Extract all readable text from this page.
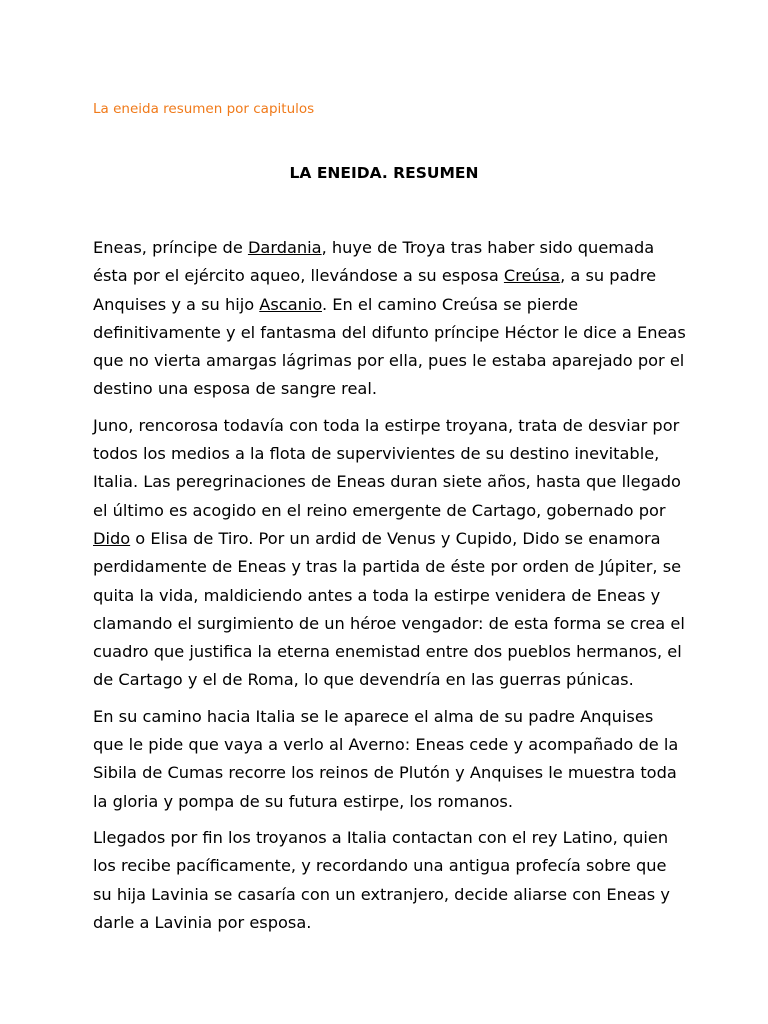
La eneida resumen por capitulos
LA ENEIDA. RESUMEN

Eneas, príncipe de Dardania, huye de Troya tras haber sido quemada
ésta por el ejército aqueo, llevándose a su esposa Creúsa, a su padre
Anquises y a su hijo Ascanio. En el camino Creúsa se pierde
definitivamente y el fantasma del difunto príncipe Héctor le dice a Eneas
que no vierta amargas lágrimas por ella, pues le estaba aparejado por el
destino una esposa de sangre real.

Juno, rencorosa todavía con toda la estirpe troyana, trata de desviar por
todos los medios a la flota de supervivientes de su destino inevitable,
Italia. Las peregrinaciones de Eneas duran siete años, hasta que llegado
el último es acogido en el reino emergente de Cartago, gobernado por
Dido o Elisa de Tiro. Por un ardid de Venus y Cupido, Dido se enamora
perdidamente de Eneas y tras la partida de éste por orden de Júpiter, se
quita la vida, maldiciendo antes a toda la estirpe venidera de Eneas y
clamando el surgimiento de un héroe vengador: de esta forma se crea el
cuadro que justifica la eterna enemistad entre dos pueblos hermanos, el
de Cartago y el de Roma, lo que devendría en las guerras púnicas.

En su camino hacia Italia se le aparece el alma de su padre Anquises
que le pide que vaya a verlo al Averno: Eneas cede y acompañado de la
Sibila de Cumas recorre los reinos de Plutón y Anquises le muestra toda
la gloria y pompa de su futura estirpe, los romanos.

Llegados por fin los troyanos a Italia contactan con el rey Latino, quien
los recibe pacíficamente, y recordando una antigua profecía sobre que
su hija Lavinia se casaría con un extranjero, decide aliarse con Eneas y
darle a Lavinia por esposa.
